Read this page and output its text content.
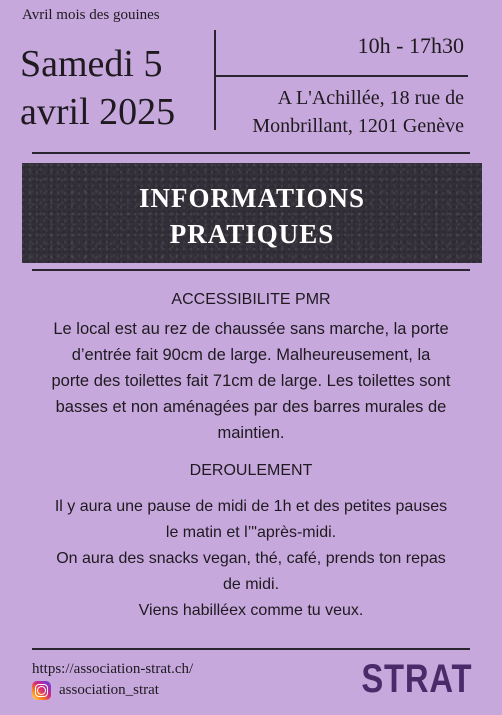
Avril mois des gouines
Samedi 5
avril 2025
10h - 17h30
A L'Achillée, 18 rue de
Monbrillant, 1201 Genève
INFORMATIONS
PRATIQUES
ACCESSIBILITE PMR
Le local est au rez de chaussée sans marche, la porte
d’entrée fait 90cm de large. Malheureusement, la
porte des toilettes fait 71cm de large. Les toilettes sont
basses et non aménagées par des barres murales de
maintien.
DEROULEMENT
Il y aura une pause de midi de 1h et des petites pauses
le matin et l’"après-midi.
On aura des snacks vegan, thé, café, prends ton repas
de midi.
Viens habilléex comme tu veux.
https://association-strat.ch/
association_strat	STRAT
